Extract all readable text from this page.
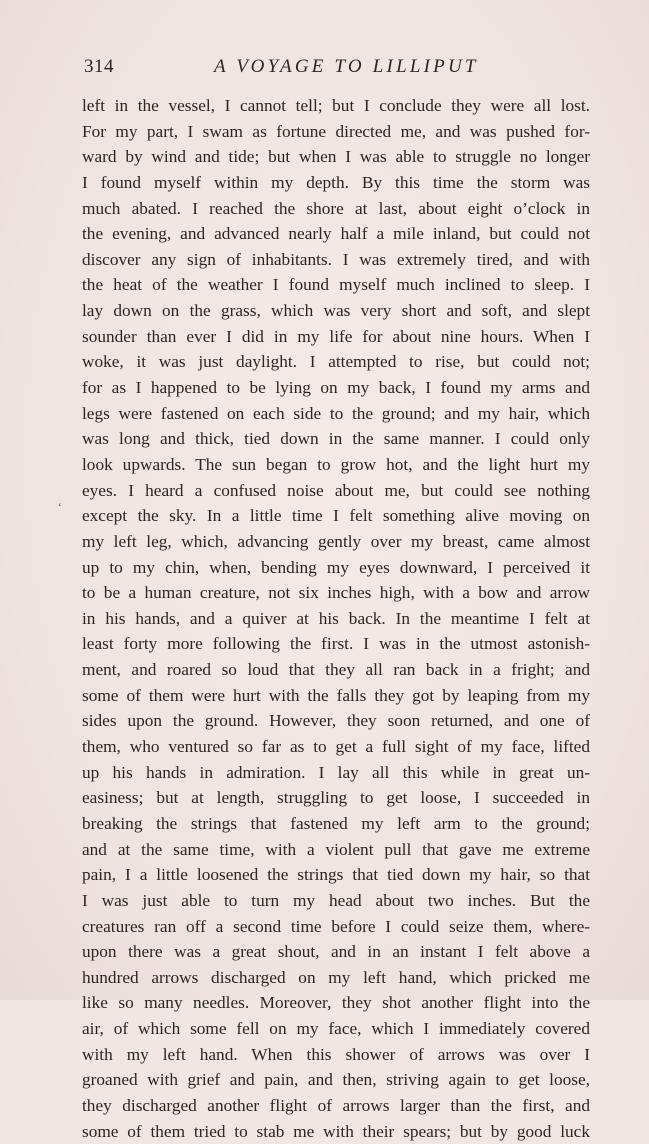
314	A VOYAGE TO LILLIPUT
‘
left in the vessel, I cannot tell; but I conclude they were all lost.
For my part, I swam as fortune directed me, and was pushed for-
ward by wind and tide; but when I was able to struggle no longer
I found myself within my depth. By this time the storm was
much abated. I reached the shore at last, about eight o’clock in
the evening, and advanced nearly half a mile inland, but could not
discover any sign of inhabitants. I was extremely tired, and with
the heat of the weather I found myself much inclined to sleep. I
lay down on the grass, which was very short and soft, and slept
sounder than ever I did in my life for about nine hours. When I
woke, it was just daylight. I attempted to rise, but could not;
for as I happened to be lying on my back, I found my arms and
legs were fastened on each side to the ground; and my hair, which
was long and thick, tied down in the same manner. I could only
look upwards. The sun began to grow hot, and the light hurt my
eyes. I heard a confused noise about me, but could see nothing
except the sky. In a little time I felt something alive moving on
my left leg, which, advancing gently over my breast, came almost
up to my chin, when, bending my eyes downward, I perceived it
to be a human creature, not six inches high, with a bow and arrow
in his hands, and a quiver at his back. In the meantime I felt at
least forty more following the first. I was in the utmost astonish-
ment, and roared so loud that they all ran back in a fright; and
some of them were hurt with the falls they got by leaping from my
sides upon the ground. However, they soon returned, and one of
them, who ventured so far as to get a full sight of my face, lifted
up his hands in admiration. I lay all this while in great un-
easiness; but at length, struggling to get loose, I succeeded in
breaking the strings that fastened my left arm to the ground;
and at the same time, with a violent pull that gave me extreme
pain, I a little loosened the strings that tied down my hair, so that
I was just able to turn my head about two inches. But the
creatures ran off a second time before I could seize them, where-
upon there was a great shout, and in an instant I felt above a
hundred arrows discharged on my left hand, which pricked me
like so many needles. Moreover, they shot another flight into the
air, of which some fell on my face, which I immediately covered
with my left hand. When this shower of arrows was over I
groaned with grief and pain, and then, striving again to get loose,
they discharged another flight of arrows larger than the first, and
some of them tried to stab me with their spears; but by good luck
